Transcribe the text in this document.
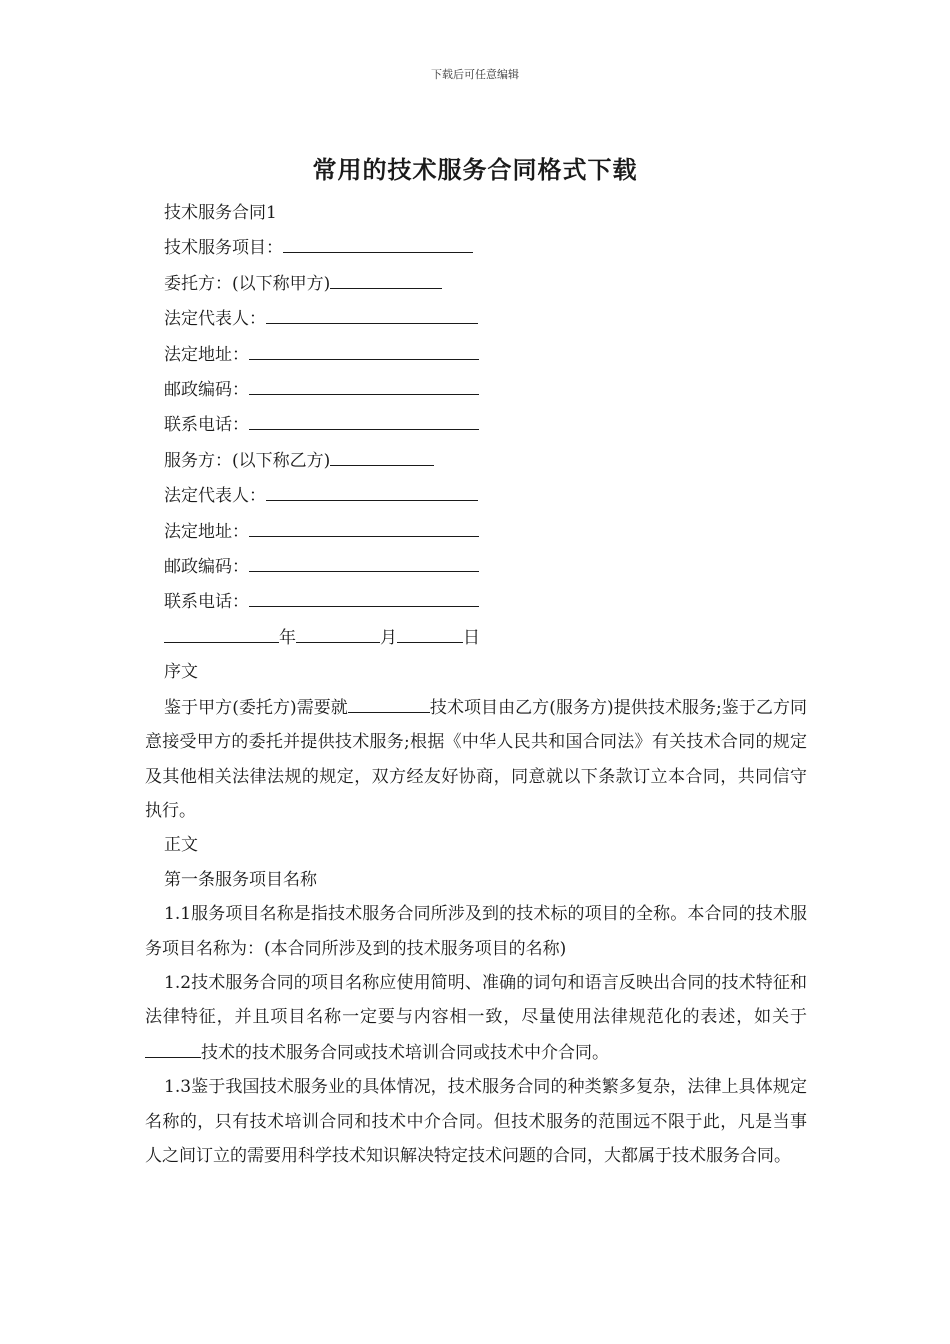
下载后可任意编辑
常用的技术服务合同格式下载
技术服务合同1
技术服务项目：
委托方：(以下称甲方)
法定代表人：
法定地址：
邮政编码：
联系电话：
服务方：(以下称乙方)
法定代表人：
法定地址：
邮政编码：
联系电话：
年	月	日
序文
鉴于甲方(委托方)需要就	技术项目由乙方(服务方)提供技术服务;鉴于乙方同意接受甲方的委托并提供技术服务;根据《中华人民共和国合同法》有关技术合同的规定及其他相关法律法规的规定，双方经友好协商，同意就以下条款订立本合同，共同信守执行。
正文
第一条服务项目名称
1.1服务项目名称是指技术服务合同所涉及到的技术标的项目的全称。本合同的技术服务项目名称为：(本合同所涉及到的技术服务项目的名称)
1.2技术服务合同的项目名称应使用简明、准确的词句和语言反映出合同的技术特征和法律特征，并且项目名称一定要与内容相一致，尽量使用法律规范化的表述，如关于技术的技术服务合同或技术培训合同或技术中介合同。
1.3鉴于我国技术服务业的具体情况，技术服务合同的种类繁多复杂，法律上具体规定名称的，只有技术培训合同和技术中介合同。但技术服务的范围远不限于此，凡是当事人之间订立的需要用科学技术知识解决特定技术问题的合同，大都属于技术服务合同。
